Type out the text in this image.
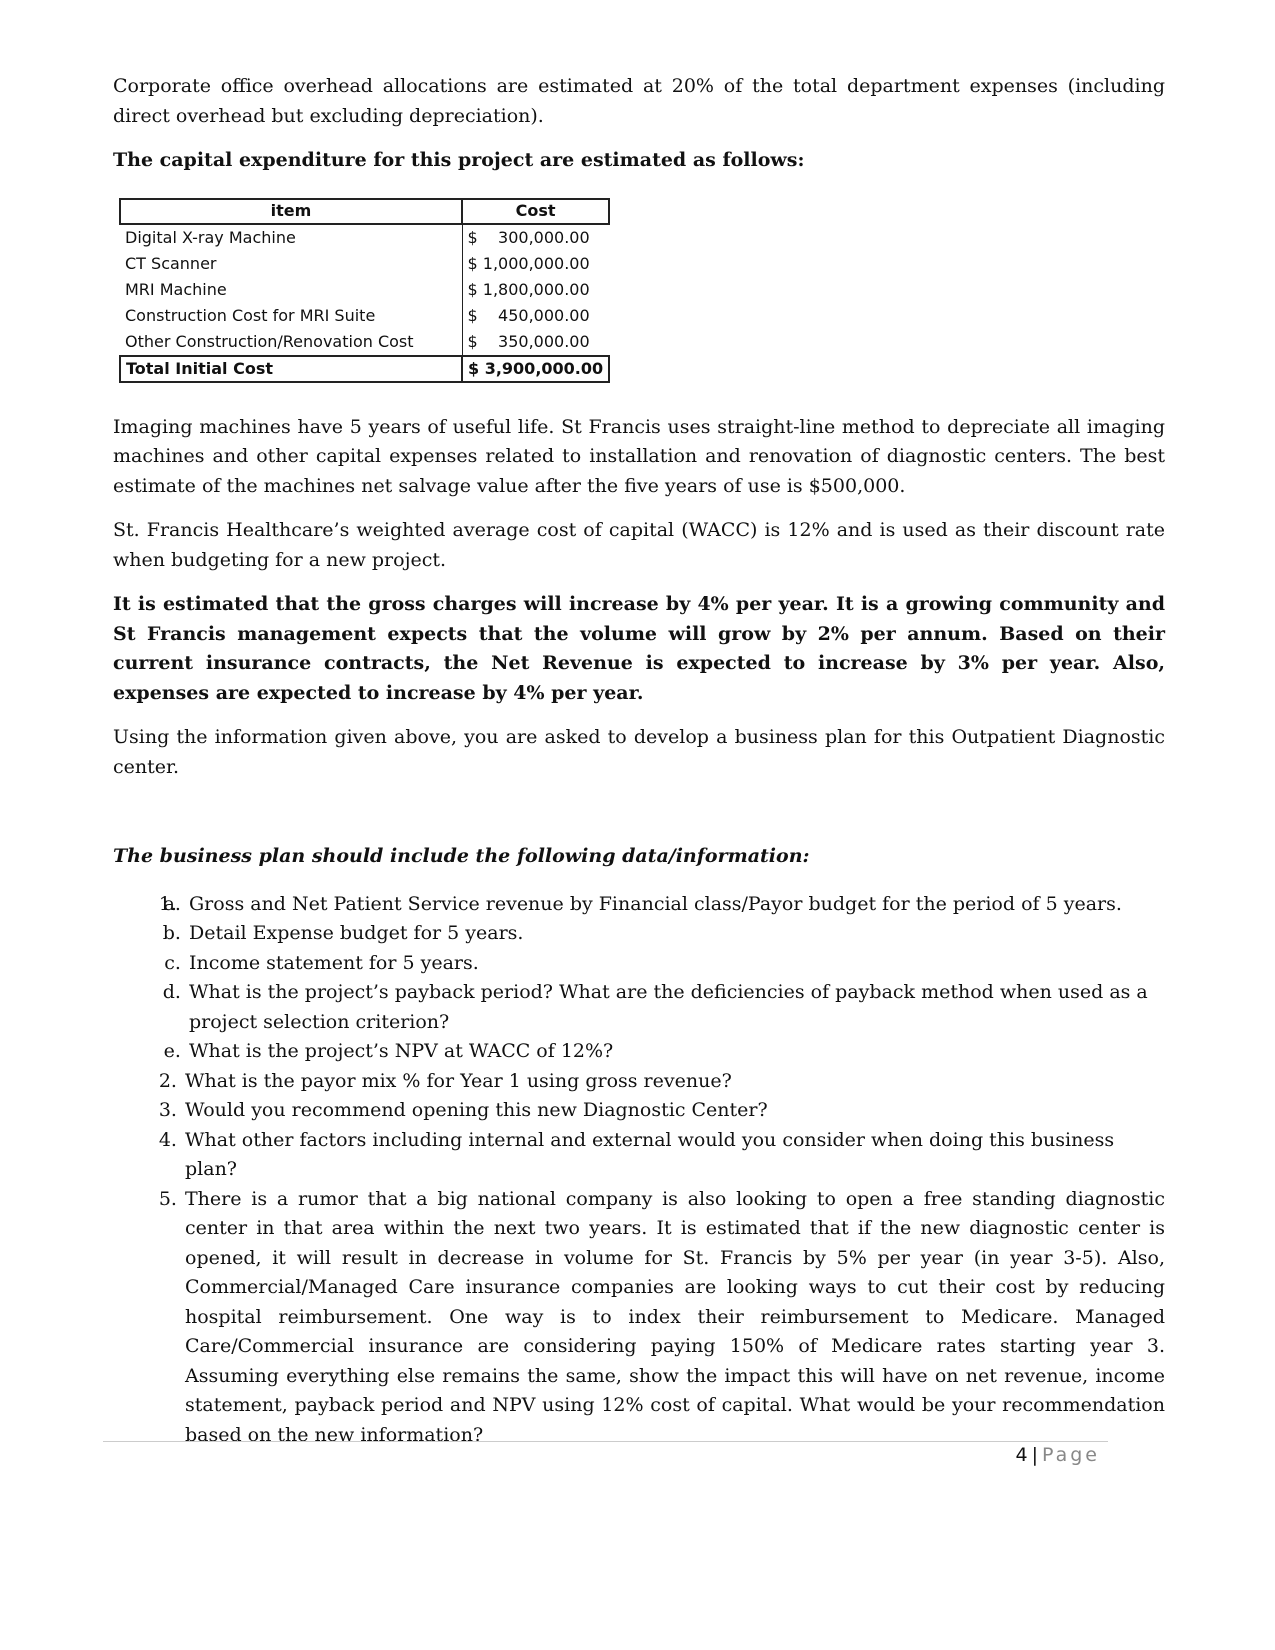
Corporate office overhead allocations are estimated at 20% of the total department expenses (including direct overhead but excluding depreciation).

The capital expenditure for this project are estimated as follows:

item	Cost
Digital X-ray Machine	$    300,000.00
CT Scanner	$ 1,000,000.00
MRI Machine	$ 1,800,000.00
Construction Cost for MRI Suite	$    450,000.00
Other Construction/Renovation Cost	$    350,000.00
Total Initial Cost	$ 3,900,000.00

Imaging machines have 5 years of useful life. St Francis uses straight-line method to depreciate all imaging machines and other capital expenses related to installation and renovation of diagnostic centers. The best estimate of the machines net salvage value after the five years of use is $500,000.

St. Francis Healthcare’s weighted average cost of capital (WACC) is 12% and is used as their discount rate when budgeting for a new project.

It is estimated that the gross charges will increase by 4% per year. It is a growing community and St Francis management expects that the volume will grow by 2% per annum. Based on their current insurance contracts, the Net Revenue is expected to increase by 3% per year. Also, expenses are expected to increase by 4% per year.

Using the information given above, you are asked to develop a business plan for this Outpatient Diagnostic center.

The business plan should include the following data/information:
a. 1. Gross and Net Patient Service revenue by Financial class/Payor budget for the period of 5 years.
b. Detail Expense budget for 5 years.
c. Income statement for 5 years.
d. What is the project’s payback period? What are the deficiencies of payback method when used as a project selection criterion?
e. What is the project’s NPV at WACC of 12%?
2. What is the payor mix % for Year 1 using gross revenue?
3. Would you recommend opening this new Diagnostic Center?
4. What other factors including internal and external would you consider when doing this business plan?
5. There is a rumor that a big national company is also looking to open a free standing diagnostic center in that area within the next two years. It is estimated that if the new diagnostic center is opened, it will result in decrease in volume for St. Francis by 5% per year (in year 3-5). Also, Commercial/Managed Care insurance companies are looking ways to cut their cost by reducing hospital reimbursement. One way is to index their reimbursement to Medicare. Managed Care/Commercial insurance are considering paying 150% of Medicare rates starting year 3. Assuming everything else remains the same, show the impact this will have on net revenue, income statement, payback period and NPV using 12% cost of capital. What would be your recommendation based on the new information?
4 | Page
